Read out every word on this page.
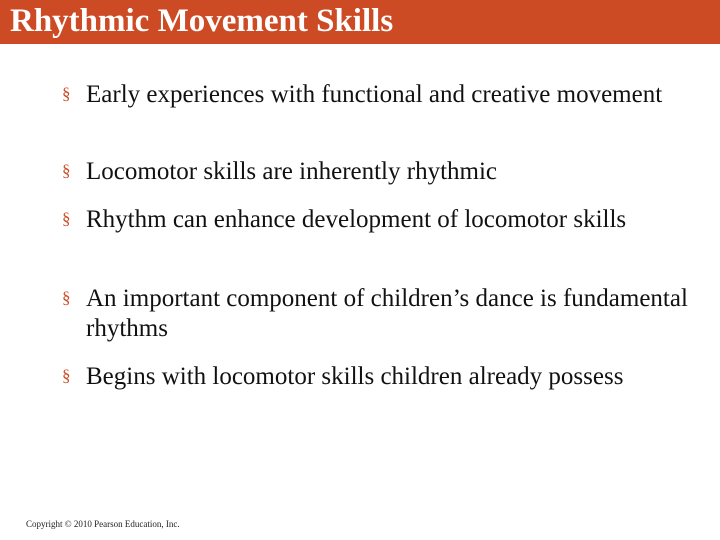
Rhythmic Movement Skills
§ Early experiences with functional and creative movement
§ Locomotor skills are inherently rhythmic
§ Rhythm can enhance development of locomotor skills
§ An important component of children’s dance is fundamental rhythms
§ Begins with locomotor skills children already possess
Copyright © 2010 Pearson Education, Inc.
